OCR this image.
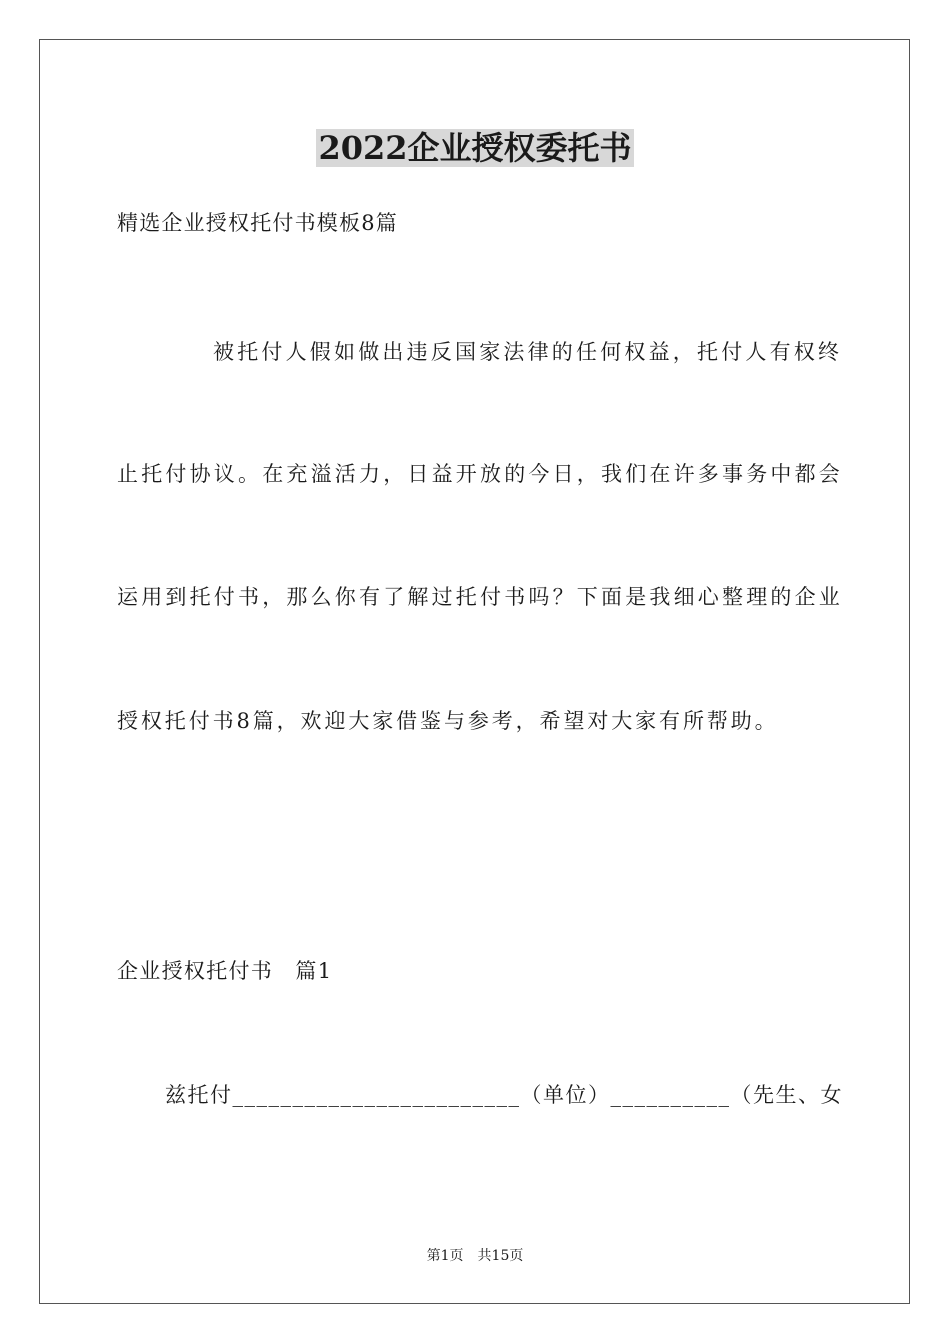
2022企业授权委托书
精选企业授权托付书模板8篇
被托付人假如做出违反国家法律的任何权益，托付人有权终
止托付协议。在充溢活力，日益开放的今日，我们在许多事务中都会
运用到托付书，那么你有了解过托付书吗？下面是我细心整理的企业
授权托付书8篇，欢迎大家借鉴与参考，希望对大家有所帮助。
企业授权托付书　篇1
兹托付________________________（单位）__________（先生、女
第1页　共15页
